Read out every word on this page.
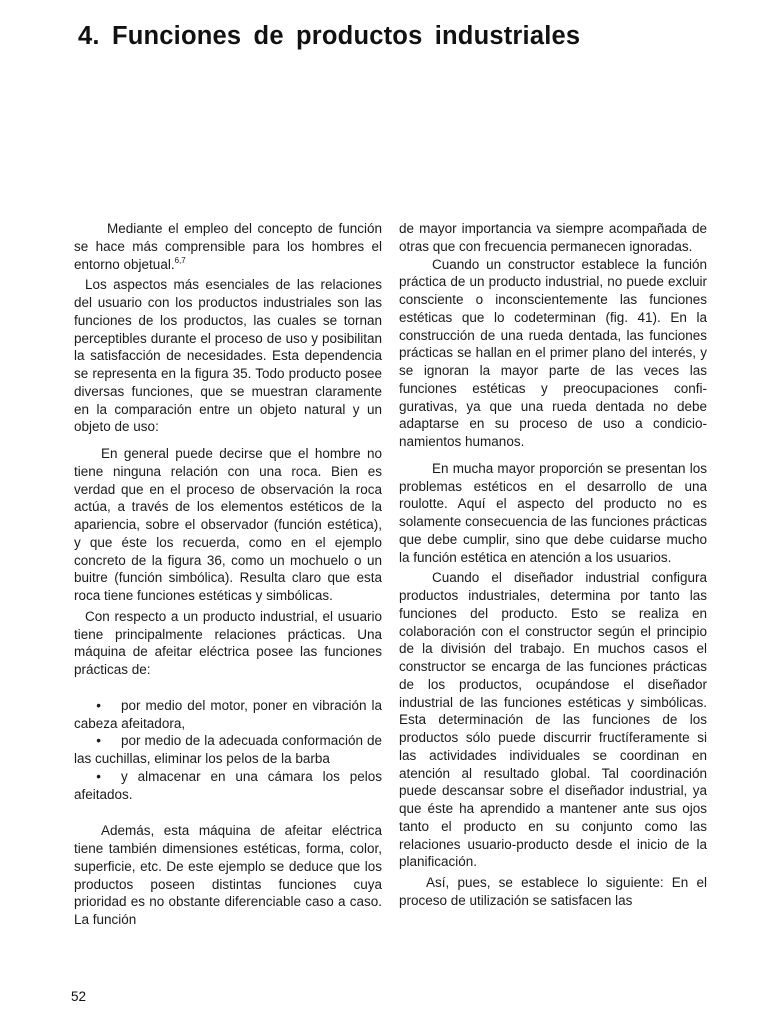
4. Funciones de productos industriales

Mediante el empleo del concepto de función se hace más comprensible para los hombres el entorno objetual.$^{6,7}$

Los aspectos más esenciales de las relaciones del usuario con los productos industriales son las funciones de los productos, las cuales se tornan perceptibles durante el proceso de uso y posibilitan la satisfacción de necesidades. Esta dependencia se representa en la figura 35. Todo producto posee diversas funciones, que se muestran claramente en la comparación entre un objeto natural y un objeto de uso:

En general puede decirse que el hombre no tiene ninguna relación con una roca. Bien es verdad que en el proceso de observación la roca actúa, a través de los elementos estéticos de la apariencia, sobre el observador (función estética), y que éste los recuerda, como en el ejemplo concreto de la figura 36, como un mochuelo o un buitre (función simbólica). Resulta claro que esta roca tiene funciones estéticas y simbólicas.

Con respecto a un producto industrial, el usuario tiene principalmente relaciones prácticas. Una máquina de afeitar eléctrica posee las funciones prácticas de:

• por medio del motor, poner en vibración la cabeza afeitadora,
• por medio de la adecuada conformación de las cuchillas, eliminar los pelos de la barba
• y almacenar en una cámara los pelos afeitados.

Además, esta máquina de afeitar eléctrica tiene también dimensiones estéticas, forma, color, superficie, etc. De este ejemplo se deduce que los productos poseen distintas funciones cuya prioridad es no obstante diferenciable caso a caso. La función

de mayor importancia va siempre acompañada de otras que con frecuencia permanecen ignoradas.

Cuando un constructor establece la función práctica de un producto industrial, no puede excluir consciente o inconscientemente las funciones estéticas que lo codeterminan (fig. 41). En la construcción de una rueda dentada, las funciones prácticas se hallan en el primer plano del interés, y se ignoran la mayor parte de las veces las funciones estéticas y preocupaciones configurativas, ya que una rueda dentada no debe adaptarse en su proceso de uso a condicionamientos humanos.

En mucha mayor proporción se presentan los problemas estéticos en el desarrollo de una roulotte. Aquí el aspecto del producto no es solamente consecuencia de las funciones prácticas que debe cumplir, sino que debe cuidarse mucho la función estética en atención a los usuarios.

Cuando el diseñador industrial configura productos industriales, determina por tanto las funciones del producto. Esto se realiza en colaboración con el constructor según el principio de la división del trabajo. En muchos casos el constructor se encarga de las funciones prácticas de los productos, ocupándose el diseñador industrial de las funciones estéticas y simbólicas. Esta determinación de las funciones de los productos sólo puede discurrir fructíferamente si las actividades individuales se coordinan en atención al resultado global. Tal coordinación puede descansar sobre el diseñador industrial, ya que éste ha aprendido a mantener ante sus ojos tanto el producto en su conjunto como las relaciones usuario-producto desde el inicio de la planificación.

Así, pues, se establece lo siguiente: En el proceso de utilización se satisfacen las

52
